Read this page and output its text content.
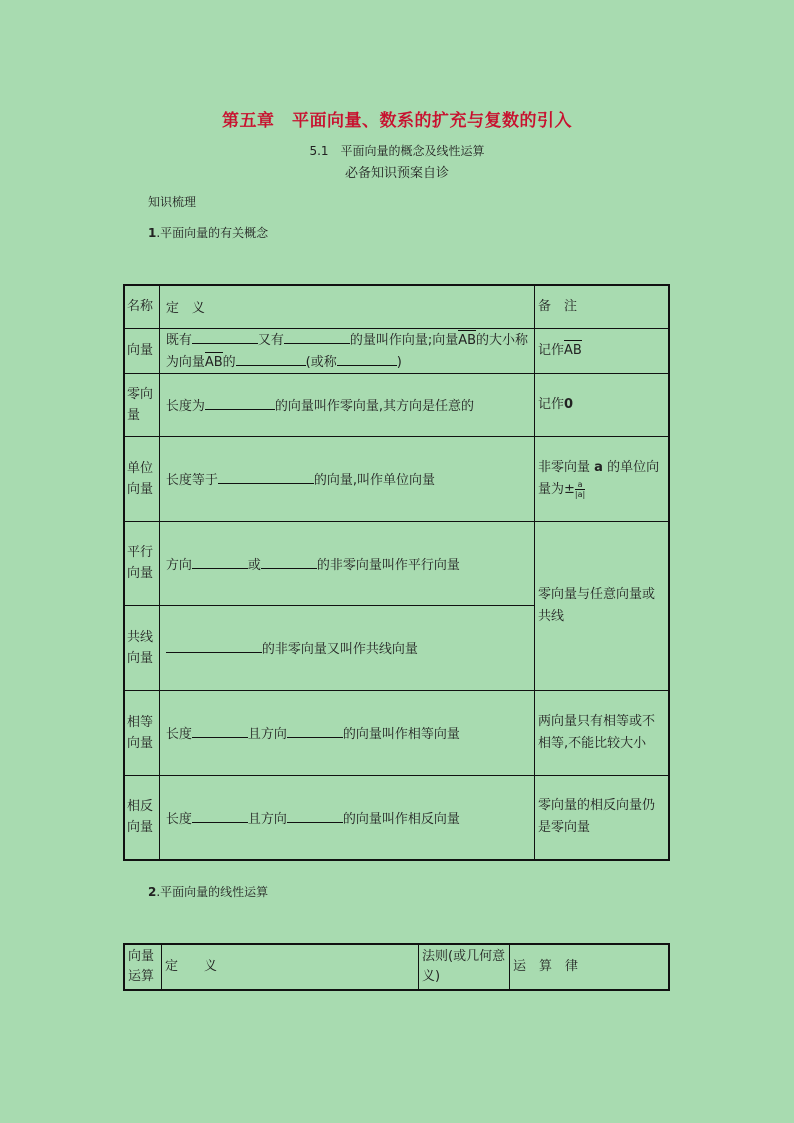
第五章　平面向量、数系的扩充与复数的引入
5.1　平面向量的概念及线性运算
必备知识预案自诊
知识梳理
1.平面向量的有关概念
名称	定　义	备　注
向量	既有 又有 的量叫作向量;向量AB的大小称为向量AB的 (或称 )	记作AB
零向量	长度为 的向量叫作零向量,其方向是任意的	记作0
单位向量	长度等于 的向量,叫作单位向量	非零向量 a 的单位向量为± $\frac{a}{|a|}$

平行向量	方向 或 的非零向量叫作平行向量	零向量与任意向量或共线
共线向量	的非零向量又叫作共线向量	
相等向量	长度 且方向 的向量叫作相等向量	两向量只有相等或不相等,不能比较大小
相反向量	长度 且方向 的向量叫作相反向量	零向量的相反向量仍是零向量
2.平面向量的线性运算
向量运算	定　　义	法则(或几何意义)	运　算　律
